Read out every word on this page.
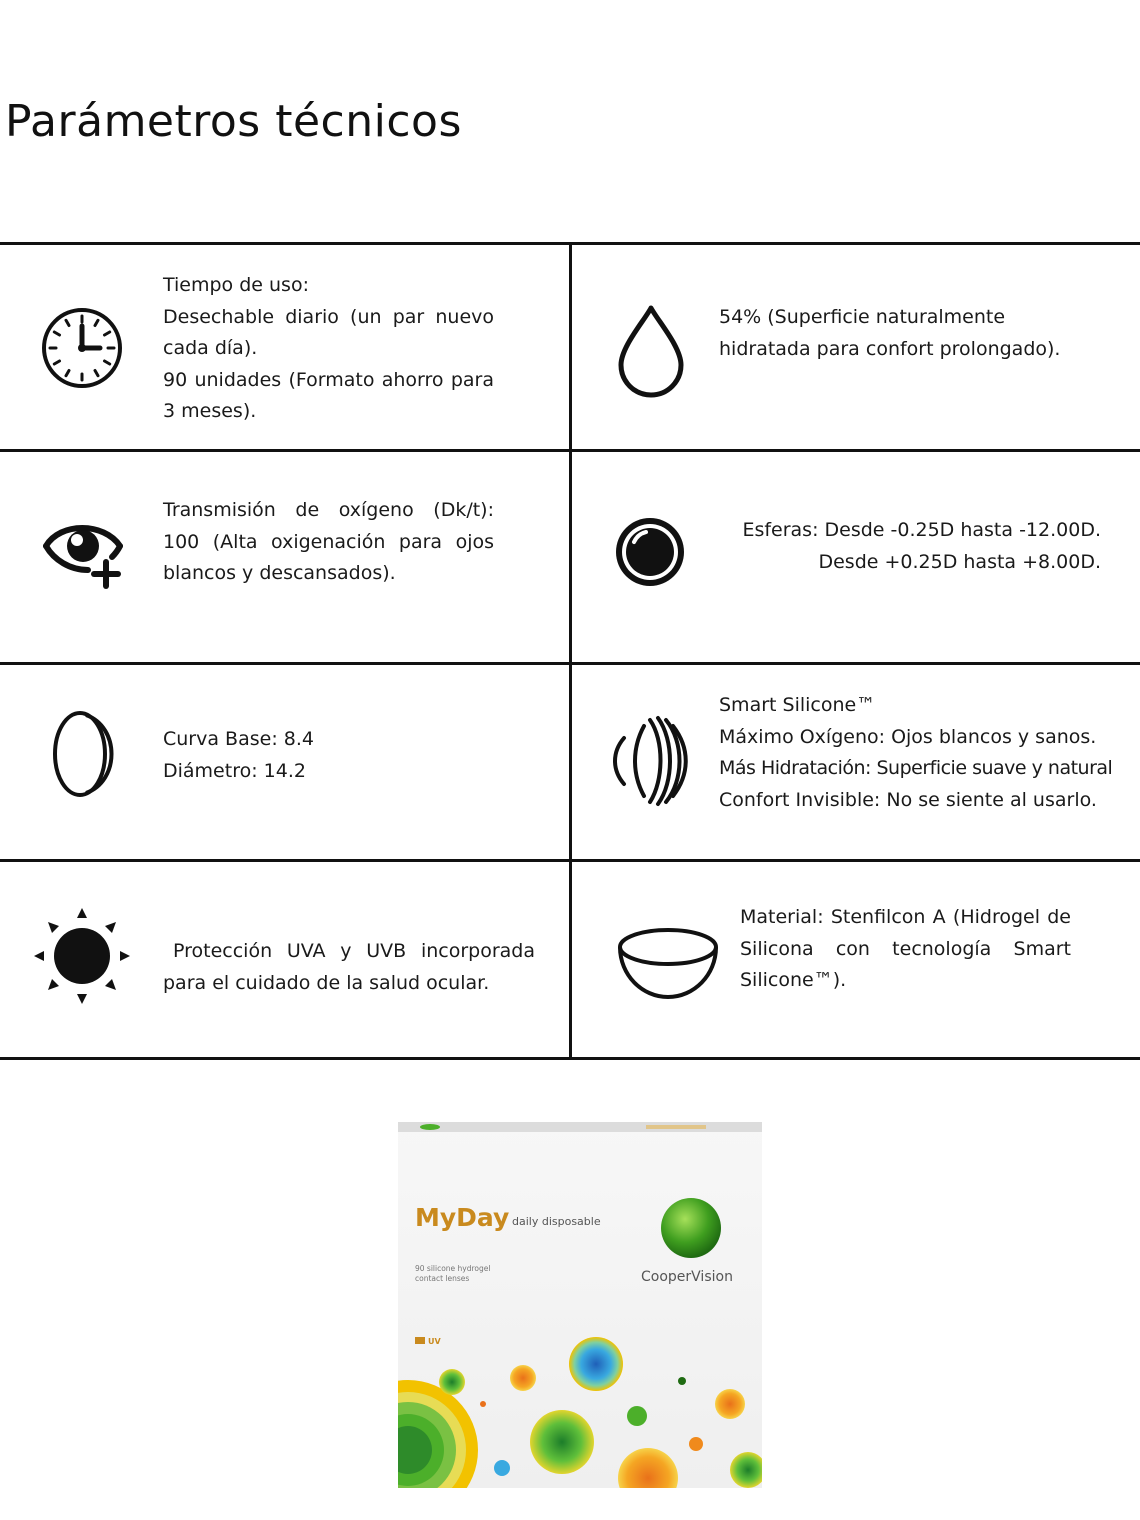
Parámetros técnicos
Tiempo de uso:
Desechable diario (un par nuevo cada día).
90 unidades (Formato ahorro para 3 meses).
54% (Superficie naturalmente hidratada para confort prolongado).
Transmisión de oxígeno (Dk/t): 100 (Alta oxigenación para ojos blancos y descansados).
Esferas: Desde -0.25D hasta -12.00D.
Desde +0.25D hasta +8.00D.
Curva Base: 8.4
Diámetro: 14.2
Smart Silicone™
Máximo Oxígeno: Ojos blancos y sanos.
Más Hidratación: Superficie suave y natural
Confort Invisible: No se siente al usarlo.
Protección UVA y UVB incorporada para el cuidado de la salud ocular.
Material: Stenfilcon A (Hidrogel de Silicona con tecnología Smart Silicone™).
MyDay daily disposable
90 silicone hydrogel
contact lenses
UV
CooperVision
